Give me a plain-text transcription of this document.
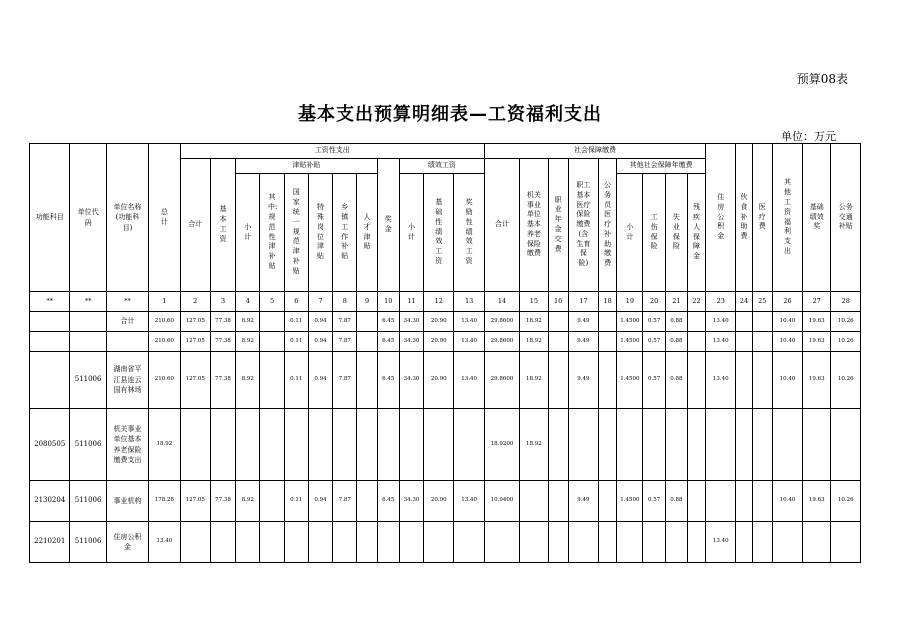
预算08表
基本支出预算明细表—工资福利支出
单位：万元
功能科目	单位代码	单位名称(功能科目)	总计	工资性支出												社会保障缴费									住房公积金	伙食补助费	医疗费	其他工资福利支出	基础绩效奖	公务交通补贴
				合计	基本工资	津贴补贴						奖金	绩效工资			合计	机关事业单位基本养老保险缴费	职业年金交费	职工基本医疗保险缴费(含生育保险)	公务员医疗补助缴费	其他社会保障年缴费									
						小计	其中:规范性津补贴	国家统一规范津补贴	特殊岗位津贴	乡镇工作补贴	人才津贴		小计	基础性绩效工资	奖励性绩效工资						小计	工伤保险	失业保险	残疾人保障金						
**	**	**	1	2	3	4	5	6	7	8	9	10	11	12	13	14	15	16	17	18	19	20	21	22	23	24	25	26	27	28
		合计	210.60	127.05	77.38	8.92		0.11	0.94	7.87		6.45	34.30	20.90	13.40	29.8600	18.92		9.49		1.4500	0.57	0.88		13.40			10.40	19.63	10.26
			210.60	127.05	77.38	8.92		0.11	0.94	7.87		6.45	34.30	20.90	13.40	29.8600	18.92		9.49		1.4500	0.57	0.88		13.40			10.40	19.63	10.26
	511006	湖南省平江县连云国有林场	210.60	127.05	77.38	8.92		0.11	0.94	7.87		6.45	34.30	20.90	13.40	29.8600	18.92		9.49		1.4500	0.57	0.88		13.40			10.40	19.63	10.26
2080505	511006	机关事业单位基本养老保险缴费支出	18.92													18.9200	18.92													
2130204	511006	事业机构	178.28	127.05	77.38	8.92		0.11	0.94	7.87		6.45	34.30	20.90	13.40	10.9400			9.49		1.4500	0.57	0.88					10.40	19.63	10.26
2210201	511006	住房公积金	13.40																						13.40					
